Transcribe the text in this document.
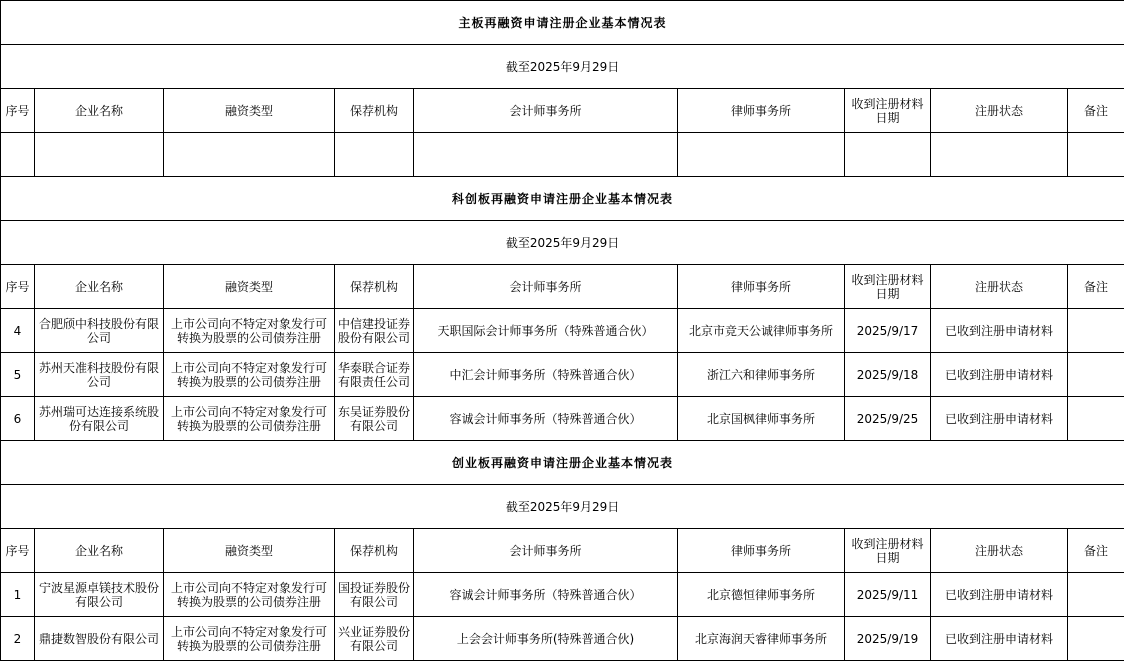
主板再融资申请注册企业基本情况表								
截至2025年9月29日								
序号	企业名称	融资类型	保荐机构	会计师事务所	律师事务所	收到注册材料日期	注册状态	备注

科创板再融资申请注册企业基本情况表								
截至2025年9月29日								
序号	企业名称	融资类型	保荐机构	会计师事务所	律师事务所	收到注册材料日期	注册状态	备注
4	合肥颀中科技股份有限公司	上市公司向不特定对象发行可转换为股票的公司债券注册	中信建投证券股份有限公司	天职国际会计师事务所（特殊普通合伙）	北京市竞天公诚律师事务所	2025/9/17	已收到注册申请材料	
5	苏州天准科技股份有限公司	上市公司向不特定对象发行可转换为股票的公司债券注册	华泰联合证券有限责任公司	中汇会计师事务所（特殊普通合伙）	浙江六和律师事务所	2025/9/18	已收到注册申请材料	
6	苏州瑞可达连接系统股份有限公司	上市公司向不特定对象发行可转换为股票的公司债券注册	东吴证券股份有限公司	容诚会计师事务所（特殊普通合伙）	北京国枫律师事务所	2025/9/25	已收到注册申请材料	
创业板再融资申请注册企业基本情况表								
截至2025年9月29日								
序号	企业名称	融资类型	保荐机构	会计师事务所	律师事务所	收到注册材料日期	注册状态	备注
1	宁波星源卓镁技术股份有限公司	上市公司向不特定对象发行可转换为股票的公司债券注册	国投证券股份有限公司	容诚会计师事务所（特殊普通合伙）	北京德恒律师事务所	2025/9/11	已收到注册申请材料	
2	鼎捷数智股份有限公司	上市公司向不特定对象发行可转换为股票的公司债券注册	兴业证券股份有限公司	上会会计师事务所(特殊普通合伙)	北京海润天睿律师事务所	2025/9/19	已收到注册申请材料	
